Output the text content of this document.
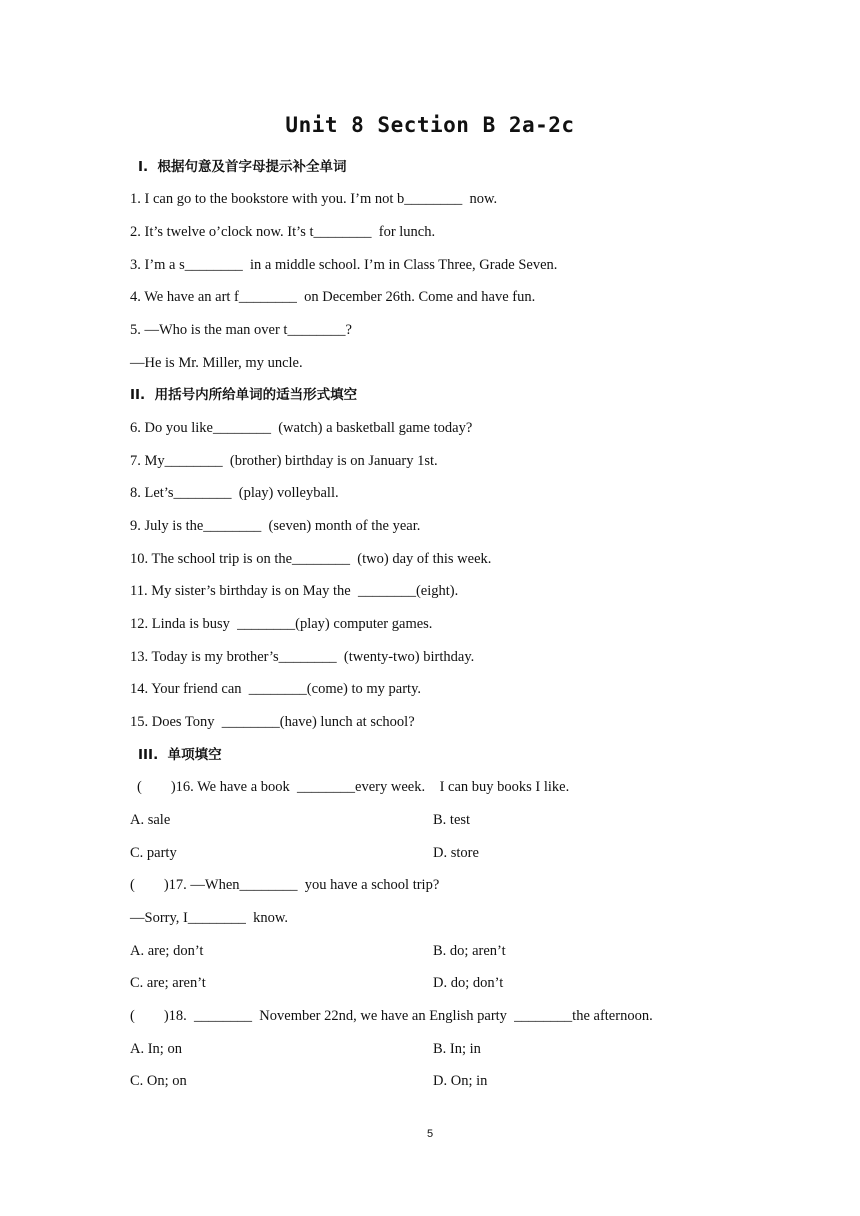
Unit 8 Section B 2a-2c
I.  根据句意及首字母提示补全单词
1. I can go to the bookstore with you. I’m not b________  now.
2. It’s twelve o’clock now. It’s t________  for lunch.
3. I’m a s________  in a middle school. I’m in Class Three, Grade Seven.
4. We have an art f________  on December 26th. Come and have fun.
5. —Who is the man over t________?
—He is Mr. Miller, my uncle.
II.  用括号内所给单词的适当形式填空
6. Do you like________  (watch) a basketball game today?
7. My________  (brother) birthday is on January 1st.
8. Let’s________  (play) volleyball.
9. July is the________  (seven) month of the year.
10. The school trip is on the________  (two) day of this week.
11. My sister’s birthday is on May the  ________(eight).
12. Linda is busy  ________(play) computer games.
13. Today is my brother’s________  (twenty-two) birthday.
14. Your friend can  ________(come) to my party.
15. Does Tony  ________(have) lunch at school?
III.  单项填空
(        )16. We have a book  ________every week.    I can buy books I like.
A. sale	B. test
C. party	D. store
(        )17. —When________  you have a school trip?
—Sorry, I________  know.
A. are; don’t	B. do; aren’t
C. are; aren’t	D. do; don’t
(        )18.  ________  November 22nd, we have an English party  ________the afternoon.
A. In; on	B. In; in
C. On; on	D. On; in
5
